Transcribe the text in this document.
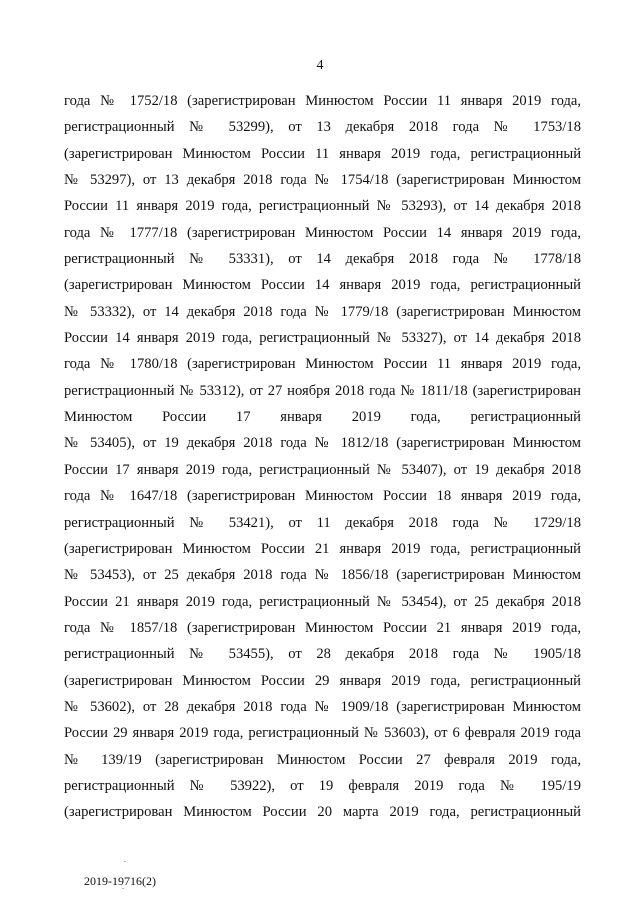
4
года № 1752/18 (зарегистрирован Минюстом России 11 января 2019 года,
регистрационный № 53299), от 13 декабря 2018 года № 1753/18
(зарегистрирован Минюстом России 11 января 2019 года, регистрационный
№ 53297), от 13 декабря 2018 года № 1754/18 (зарегистрирован Минюстом
России 11 января 2019 года, регистрационный № 53293), от 14 декабря 2018
года № 1777/18 (зарегистрирован Минюстом России 14 января 2019 года,
регистрационный № 53331), от 14 декабря 2018 года № 1778/18
(зарегистрирован Минюстом России 14 января 2019 года, регистрационный
№ 53332), от 14 декабря 2018 года № 1779/18 (зарегистрирован Минюстом
России 14 января 2019 года, регистрационный № 53327), от 14 декабря 2018
года № 1780/18 (зарегистрирован Минюстом России 11 января 2019 года,
регистрационный № 53312), от 27 ноября 2018 года № 1811/18 (зарегистрирован
Минюстом России 17 января 2019 года, регистрационный
№ 53405), от 19 декабря 2018 года № 1812/18 (зарегистрирован Минюстом
России 17 января 2019 года, регистрационный № 53407), от 19 декабря 2018
года № 1647/18 (зарегистрирован Минюстом России 18 января 2019 года,
регистрационный № 53421), от 11 декабря 2018 года № 1729/18
(зарегистрирован Минюстом России 21 января 2019 года, регистрационный
№ 53453), от 25 декабря 2018 года № 1856/18 (зарегистрирован Минюстом
России 21 января 2019 года, регистрационный № 53454), от 25 декабря 2018
года № 1857/18 (зарегистрирован Минюстом России 21 января 2019 года,
регистрационный № 53455), от 28 декабря 2018 года № 1905/18
(зарегистрирован Минюстом России 29 января 2019 года, регистрационный
№ 53602), от 28 декабря 2018 года № 1909/18 (зарегистрирован Минюстом
России 29 января 2019 года, регистрационный № 53603), от 6 февраля 2019 года
№ 139/19 (зарегистрирован Минюстом России 27 февраля 2019 года,
регистрационный № 53922), от 19 февраля 2019 года № 195/19
(зарегистрирован Минюстом России 20 марта 2019 года, регистрационный
2019-19716(2)
